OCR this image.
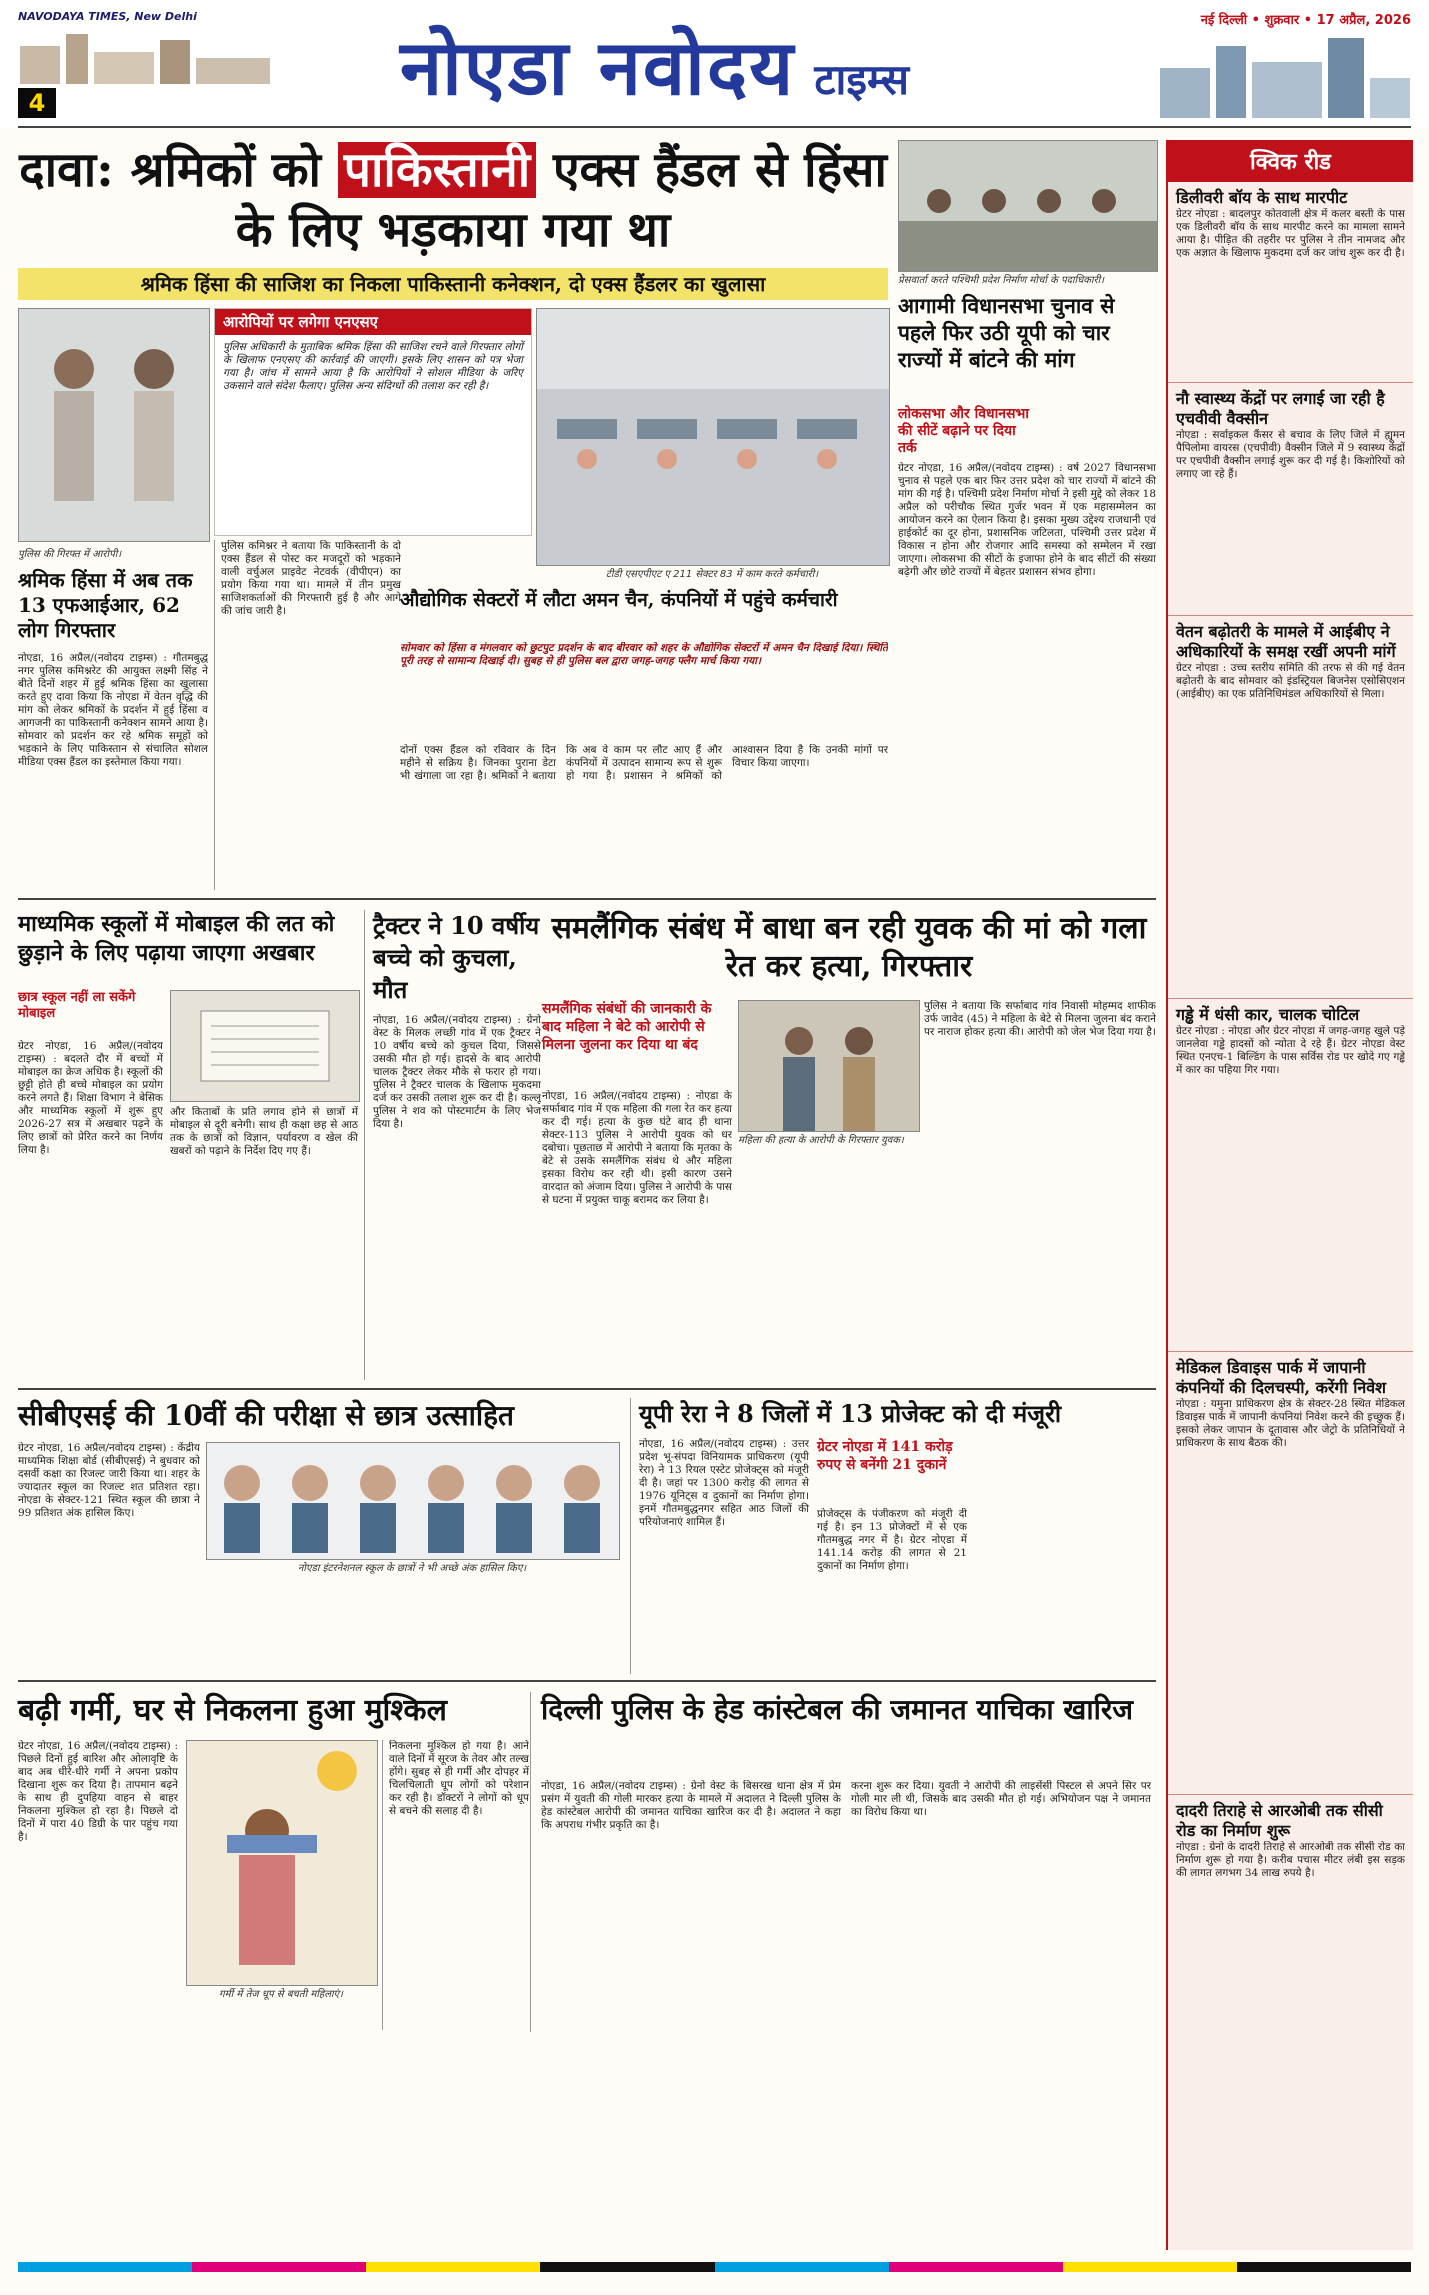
NAVODAYA TIMES, New Delhi
4	नोएडा नवोदय टाइम्स
नई दिल्ली • शुक्रवार • 17 अप्रैल, 2026
दावा: श्रमिकों को पाकिस्तानी एक्स हैंडल से हिंसा के लिए भड़काया गया था
श्रमिक हिंसा की साजिश का निकला पाकिस्तानी कनेक्शन, दो एक्स हैंडलर का खुलासा
पुलिस की गिरफ्त में आरोपी।
आरोपियों पर लगेगा एनएसए
पुलिस अधिकारी के मुताबिक श्रमिक हिंसा की साजिश रचने वाले गिरफ्तार लोगों के खिलाफ एनएसए की कार्रवाई की जाएगी। इसके लिए शासन को पत्र भेजा गया है। जांच में सामने आया है कि आरोपियों ने सोशल मीडिया के जरिए उकसाने वाले संदेश फैलाए। पुलिस अन्य संदिग्धों की तलाश कर रही है।
टीडी एसएपीएट ए 211 सेक्टर 83 में काम करते कर्मचारी।
श्रमिक हिंसा में अब तक 13 एफआईआर, 62 लोग गिरफ्तार
नोएडा, 16 अप्रैल/(नवोदय टाइम्स) : गौतमबुद्ध नगर पुलिस कमिश्नरेट की आयुक्त लक्ष्मी सिंह ने बीते दिनों शहर में हुई श्रमिक हिंसा का खुलासा करते हुए दावा किया कि नोएडा में वेतन वृद्धि की मांग को लेकर श्रमिकों के प्रदर्शन में हुई हिंसा व आगजनी का पाकिस्तानी कनेक्शन सामने आया है। सोमवार को प्रदर्शन कर रहे श्रमिक समूहों को भड़काने के लिए पाकिस्तान से संचालित सोशल मीडिया एक्स हैंडल का इस्तेमाल किया गया।
पुलिस कमिश्नर ने बताया कि पाकिस्तानी के दो एक्स हैंडल से पोस्ट कर मजदूरों को भड़काने वाली वर्चुअल प्राइवेट नेटवर्क (वीपीएन) का प्रयोग किया गया था। मामले में तीन प्रमुख साजिशकर्ताओं की गिरफ्तारी हुई है और आगे की जांच जारी है।	औद्योगिक सेक्टरों में लौटा अमन चैन, कंपनियों में पहुंचे कर्मचारी
सोमवार को हिंसा व मंगलवार को छुटपुट प्रदर्शन के बाद बीरवार को शहर के औद्योगिक सेक्टरों में अमन चैन दिखाई दिया। स्थिति पूरी तरह से सामान्य दिखाई दी। सुबह से ही पुलिस बल द्वारा जगह-जगह फ्लैग मार्च किया गया।
दोनों एक्स हैंडल को रविवार के दिन महीने से सक्रिय है। जिनका पुराना डेटा भी खंगाला जा रहा है। श्रमिकों ने बताया कि अब वे काम पर लौट आए हैं और कंपनियों में उत्पादन सामान्य रूप से शुरू हो गया है। प्रशासन ने श्रमिकों को आश्वासन दिया है कि उनकी मांगों पर विचार किया जाएगा।
प्रेसवार्ता करते पश्चिमी प्रदेश निर्माण मोर्चा के पदाधिकारी।
आगामी विधानसभा चुनाव से पहले फिर उठी यूपी को चार राज्यों में बांटने की मांग
लोकसभा और विधानसभा की सीटें बढ़ाने पर दिया तर्क
ग्रेटर नोएडा, 16 अप्रैल/(नवोदय टाइम्स) : वर्ष 2027 विधानसभा चुनाव से पहले एक बार फिर उत्तर प्रदेश को चार राज्यों में बांटने की मांग की गई है। पश्चिमी प्रदेश निर्माण मोर्चा ने इसी मुद्दे को लेकर 18 अप्रैल को परीचौक स्थित गुर्जर भवन में एक महासम्मेलन का आयोजन करने का ऐलान किया है। इसका मुख्य उद्देश्य राजधानी एवं हाईकोर्ट का दूर होना, प्रशासनिक जटिलता, पश्चिमी उत्तर प्रदेश में विकास न होना और रोजगार आदि समस्या को सम्मेलन में रखा जाएगा। लोकसभा की सीटों के इजाफा होने के बाद सीटों की संख्या बढ़ेगी और छोटे राज्यों में बेहतर प्रशासन संभव होगा।
क्विक रीड
डिलीवरी बॉय के साथ मारपीट
ग्रेटर नोएडा : बादलपुर कोतवाली क्षेत्र में कलर बस्ती के पास एक डिलीवरी बॉय के साथ मारपीट करने का मामला सामने आया है। पीड़ित की तहरीर पर पुलिस ने तीन नामजद और एक अज्ञात के खिलाफ मुकदमा दर्ज कर जांच शुरू कर दी है।
नौ स्वास्थ्य केंद्रों पर लगाई जा रही है एचवीवी वैक्सीन
नोएडा : सर्वाइकल कैंसर से बचाव के लिए जिले में ह्यूमन पैपिलोमा वायरस (एचपीवी) वैक्सीन जिले में 9 स्वास्थ्य केंद्रों पर एचपीवी वैक्सीन लगाई शुरू कर दी गई है। किशोरियों को लगाए जा रहे हैं।
वेतन बढ़ोतरी के मामले में आईबीए ने अधिकारियों के समक्ष रखीं अपनी मांगें
ग्रेटर नोएडा : उच्च स्तरीय समिति की तरफ से की गई वेतन बढ़ोतरी के बाद सोमवार को इंडस्ट्रियल बिजनेस एसोसिएशन (आईबीए) का एक प्रतिनिधिमंडल अधिकारियों से मिला।
गड्ढे में धंसी कार, चालक चोटिल
ग्रेटर नोएडा : नोएडा और ग्रेटर नोएडा में जगह-जगह खुले पड़े जानलेवा गड्ढे हादसों को न्योता दे रहे हैं। ग्रेटर नोएडा वेस्ट स्थित एनएच-1 बिल्डिंग के पास सर्विस रोड पर खोदे गए गड्ढे में कार का पहिया गिर गया।
मेडिकल डिवाइस पार्क में जापानी कंपनियों की दिलचस्पी, करेंगी निवेश
नोएडा : यमुना प्राधिकरण क्षेत्र के सेक्टर-28 स्थित मेडिकल डिवाइस पार्क में जापानी कंपनियां निवेश करने की इच्छुक हैं। इसको लेकर जापान के दूतावास और जेट्रो के प्रतिनिधियों ने प्राधिकरण के साथ बैठक की।
दादरी तिराहे से आरओबी तक सीसी रोड का निर्माण शुरू
नोएडा : ग्रेनो के दादरी तिराहे से आरओबी तक सीसी रोड का निर्माण शुरू हो गया है। करीब पचास मीटर लंबी इस सड़क की लागत लगभग 34 लाख रुपये है।
माध्यमिक स्कूलों में मोबाइल की लत को छुड़ाने के लिए पढ़ाया जाएगा अखबार
छात्र स्कूल नहीं ला सकेंगे मोबाइल
ग्रेटर नोएडा, 16 अप्रैल/(नवोदय टाइम्स) : बदलते दौर में बच्चों में मोबाइल का क्रेज अधिक है। स्कूलों की छुट्टी होते ही बच्चे मोबाइल का प्रयोग करने लगते हैं। शिक्षा विभाग ने बेसिक और माध्यमिक स्कूलों में शुरू हुए 2026-27 सत्र में अखबार पढ़ने के लिए छात्रों को प्रेरित करने का निर्णय लिया है।
और किताबों के प्रति लगाव होने से छात्रों में मोबाइल से दूरी बनेगी। साथ ही कक्षा छह से आठ तक के छात्रों को विज्ञान, पर्यावरण व खेल की खबरों को पढ़ाने के निर्देश दिए गए हैं।
ट्रैक्टर ने 10 वर्षीय बच्चे को कुचला, मौत
नोएडा, 16 अप्रैल/(नवोदय टाइम्स) : ग्रेनो वेस्ट के मिलक लच्छी गांव में एक ट्रैक्टर ने 10 वर्षीय बच्चे को कुचल दिया, जिससे उसकी मौत हो गई। हादसे के बाद आरोपी चालक ट्रैक्टर लेकर मौके से फरार हो गया। पुलिस ने ट्रैक्टर चालक के खिलाफ मुकदमा दर्ज कर उसकी तलाश शुरू कर दी है। कल्लू पुलिस ने शव को पोस्टमार्टम के लिए भेज दिया है।
समलैंगिक संबंध में बाधा बन रही युवक की मां को गला रेत कर हत्या, गिरफ्तार
समलैंगिक संबंधों की जानकारी के बाद महिला ने बेटे को आरोपी से मिलना जुलना कर दिया था बंद
महिला की हत्या के आरोपी के गिरफ्तार युवक।
नोएडा, 16 अप्रैल/(नवोदय टाइम्स) : नोएडा के सर्फाबाद गांव में एक महिला की गला रेत कर हत्या कर दी गई। हत्या के कुछ घंटे बाद ही थाना सेक्टर-113 पुलिस ने आरोपी युवक को धर दबोचा। पूछताछ में आरोपी ने बताया कि मृतका के बेटे से उसके समलैंगिक संबंध थे और महिला इसका विरोध कर रही थी। इसी कारण उसने वारदात को अंजाम दिया। पुलिस ने आरोपी के पास से घटना में प्रयुक्त चाकू बरामद कर लिया है।
पुलिस ने बताया कि सर्फाबाद गांव निवासी मोहम्मद शाफीक उर्फ जावेद (45) ने महिला के बेटे से मिलना जुलना बंद कराने पर नाराज होकर हत्या की। आरोपी को जेल भेज दिया गया है।
सीबीएसई की 10वीं की परीक्षा से छात्र उत्साहित
नोएडा इंटरनेशनल स्कूल के छात्रों ने भी अच्छे अंक हासिल किए।
ग्रेटर नोएडा, 16 अप्रैल/नवोदय टाइम्स) : केंद्रीय माध्यमिक शिक्षा बोर्ड (सीबीएसई) ने बुधवार को दसवीं कक्षा का रिजल्ट जारी किया था। शहर के ज्यादातर स्कूल का रिजल्ट शत प्रतिशत रहा। नोएडा के सेक्टर-121 स्थित स्कूल की छात्रा ने 99 प्रतिशत अंक हासिल किए।
यूपी रेरा ने 8 जिलों में 13 प्रोजेक्ट को दी मंजूरी
ग्रेटर नोएडा में 141 करोड़ रुपए से बनेंगी 21 दुकानें
नोएडा, 16 अप्रैल/(नवोदय टाइम्स) : उत्तर प्रदेश भू-संपदा विनियामक प्राधिकरण (यूपी रेरा) ने 13 रियल एस्टेट प्रोजेक्ट्स को मंजूरी दी है। जहां पर 1300 करोड़ की लागत से 1976 यूनिट्स व दुकानों का निर्माण होगा। इनमें गौतमबुद्धनगर सहित आठ जिलों की परियोजनाएं शामिल हैं।
प्रोजेक्ट्स के पंजीकरण को मंजूरी दी गई है। इन 13 प्रोजेक्टों में से एक गौतमबुद्ध नगर में है। ग्रेटर नोएडा में 141.14 करोड़ की लागत से 21 दुकानों का निर्माण होगा।
बढ़ी गर्मी, घर से निकलना हुआ मुश्किल
गर्मी में तेज धूप से बचती महिलाएं।
ग्रेटर नोएडा, 16 अप्रैल/(नवोदय टाइम्स) : पिछले दिनों हुई बारिश और ओलावृष्टि के बाद अब धीरे-धीरे गर्मी ने अपना प्रकोप दिखाना शुरू कर दिया है। तापमान बढ़ने के साथ ही दुपहिया वाहन से बाहर निकलना मुश्किल हो रहा है। पिछले दो दिनों में पारा 40 डिग्री के पार पहुंच गया है।
निकलना मुश्किल हो गया है। आने वाले दिनों में सूरज के तेवर और तल्ख होंगे। सुबह से ही गर्मी और दोपहर में चिलचिलाती धूप लोगों को परेशान कर रही है। डॉक्टरों ने लोगों को धूप से बचने की सलाह दी है।
दिल्ली पुलिस के हेड कांस्टेबल की जमानत याचिका खारिज
नोएडा, 16 अप्रैल/(नवोदय टाइम्स) : ग्रेनो वेस्ट के बिसरख थाना क्षेत्र में प्रेम प्रसंग में युवती की गोली मारकर हत्या के मामले में अदालत ने दिल्ली पुलिस के हेड कांस्टेबल आरोपी की जमानत याचिका खारिज कर दी है। अदालत ने कहा कि अपराध गंभीर प्रकृति का है।
करना शुरू कर दिया। युवती ने आरोपी की लाइसेंसी पिस्टल से अपने सिर पर गोली मार ली थी, जिसके बाद उसकी मौत हो गई। अभियोजन पक्ष ने जमानत का विरोध किया था।
